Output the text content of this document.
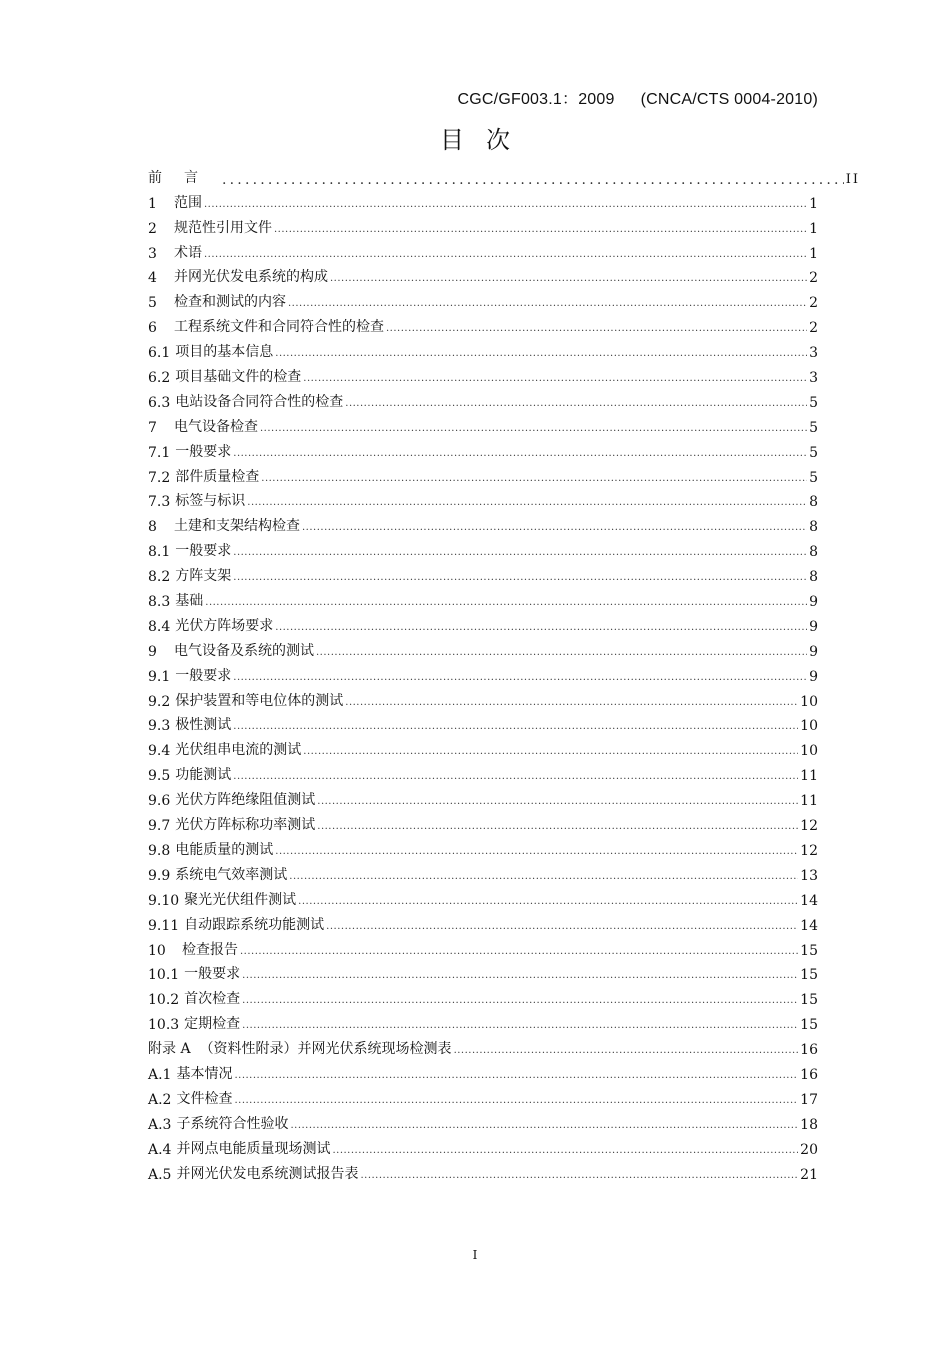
CGC/GF003.1：2009 (CNCA/CTS 0004-2010)
目次
前言 .....	II
1	范围 .....	1
2	规范性引用文件 .....	1
3	术语 .....	1
4	并网光伏发电系统的构成 .....	2
5	检查和测试的内容 .....	2
6	工程系统文件和合同符合性的检查 .....	2
6.1 项目的基本信息 .....	3
6.2 项目基础文件的检查 .....	3
6.3 电站设备合同符合性的检查 .....	5
7	电气设备检查 .....	5
7.1 一般要求 .....	5
7.2 部件质量检查 .....	5
7.3 标签与标识 .....	8
8	土建和支架结构检查 .....	8
8.1 一般要求 .....	8
8.2 方阵支架 .....	8
8.3 基础 .....	9
8.4 光伏方阵场要求 .....	9
9	电气设备及系统的测试 .....	9
9.1 一般要求 .....	9
9.2 保护装置和等电位体的测试 .....	10
9.3 极性测试 .....	10
9.4 光伏组串电流的测试 .....	10
9.5 功能测试 .....	11
9.6 光伏方阵绝缘阻值测试 .....	11
9.7 光伏方阵标称功率测试 .....	12
9.8 电能质量的测试 .....	12
9.9 系统电气效率测试 .....	13
9.10 聚光光伏组件测试 .....	14
9.11 自动跟踪系统功能测试 .....	14
10	检查报告 .....	15
10.1 一般要求 .....	15
10.2 首次检查 .....	15
10.3 定期检查 .....	15
附录 A （资料性附录）并网光伏系统现场检测表 .....	16
A.1 基本情况 .....	16
A.2 文件检查 .....	17
A.3 子系统符合性验收 .....	18
A.4 并网点电能质量现场测试 .....	20
A.5 并网光伏发电系统测试报告表 .....	21
I
